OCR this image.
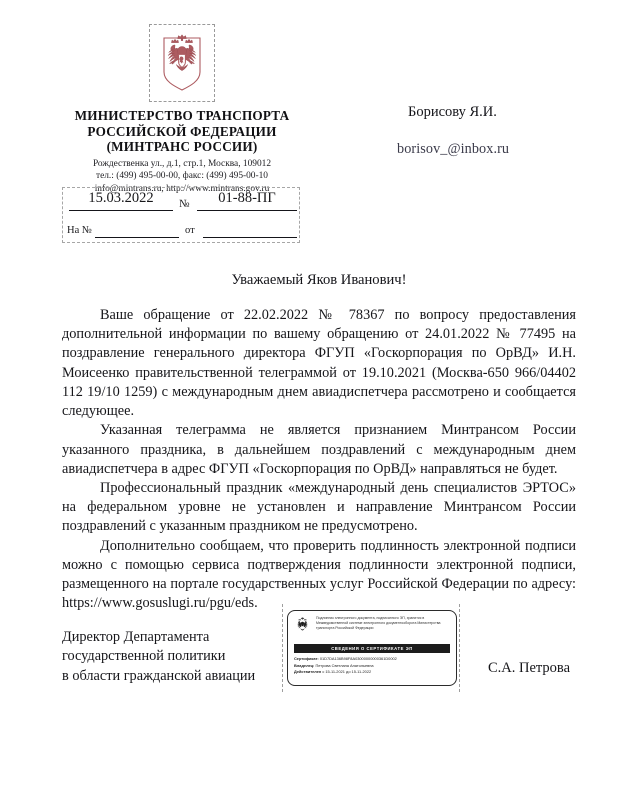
МИНИСТЕРСТВО ТРАНСПОРТА
РОССИЙСКОЙ ФЕДЕРАЦИИ
(МИНТРАНС РОССИИ)
Рождественка ул., д.1, стр.1, Москва, 109012
тел.: (499) 495-00-00, факс: (499) 495-00-10
info@mintrans.ru, http://www.mintrans.gov.ru
15.03.2022	№	01-88-ПГ
На №	от
Борисову Я.И.
borisov_@inbox.ru
Уважаемый Яков Иванович!

Ваше обращение от 22.02.2022 № 78367 по вопросу предоставления дополнительной информации по вашему обращению от 24.01.2022 № 77495 на поздравление генерального директора ФГУП «Госкорпорация по ОрВД» И.Н. Моисеенко правительственной телеграммой от 19.10.2021 (Москва-650 966/04402 112 19/10 1259) с международным днем авиадиспетчера рассмотрено и сообщается следующее.

Указанная телеграмма не является признанием Минтрансом России указанного праздника, в дальнейшем поздравлений с международным днем авиадиспетчера в адрес ФГУП «Госкорпорация по ОрВД» направляться не будет.

Профессиональный праздник «международный день специалистов ЭРТОС» на федеральном уровне не установлен и направление Минтрансом России поздравлений с указанным праздником не предусмотрено.

Дополнительно сообщаем, что проверить подлинность электронной подписи можно с помощью сервиса подтверждения подлинности электронной подписи, размещенного на портале государственных услуг Российской Федерации по адресу: https://www.gosuslugi.ru/pgu/eds.

Подлинник электронного документа, подписанного ЭП, хранится в Межведомственной системе электронного документооборота Министерства транспорта Российской Федерации
СВЕДЕНИЯ О СЕРТИФИКАТЕ ЭП
Сертификат: 01D7DA136B98F8A03000000000361D0002
Владелец: Петрова Светлана Анатольевна
Действителен с 15-11-2021 до 15-11-2022
Директор Департамента
государственной политики
в области гражданской авиации	С.А. Петрова
